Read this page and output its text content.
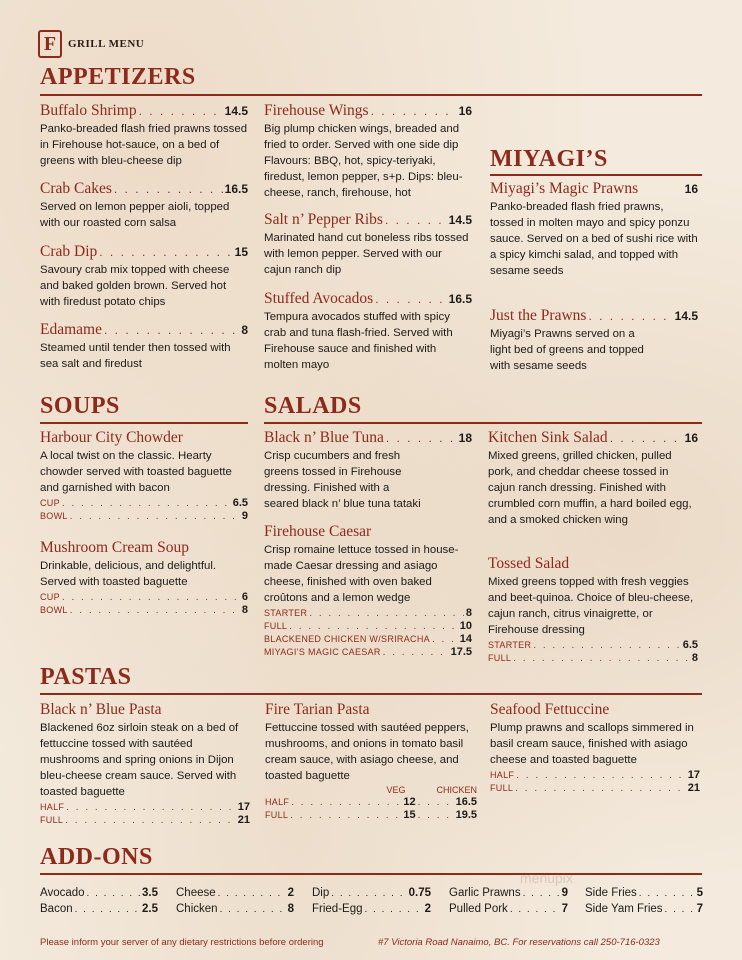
F GRILL MENU
APPETIZERS
Buffalo Shrimp . . .	14.5
Panko-breaded flash fried prawns tossed in Firehouse hot-sauce, on a bed of greens with bleu-cheese dip
Crab Cakes . . .	16.5
Served on lemon pepper aioli, topped with our roasted corn salsa
Crab Dip . . .	15
Savoury crab mix topped with cheese and baked golden brown. Served hot with firedust potato chips
Edamame . . .	8
Steamed until tender then tossed with sea salt and firedust
Firehouse Wings . . .	16
Big plump chicken wings, breaded and fried to order. Served with one side dip Flavours: BBQ, hot, spicy-teriyaki, firedust, lemon pepper, s+p. Dips: bleu-cheese, ranch, firehouse, hot
Salt n’ Pepper Ribs . . .	14.5
Marinated hand cut boneless ribs tossed with lemon pepper. Served with our cajun ranch dip
Stuffed Avocados . . .	16.5
Tempura avocados stuffed with spicy crab and tuna flash-fried. Served with Firehouse sauce and finished with molten mayo
MIYAGI’S
Miyagi’s Magic Prawns	16
Panko-breaded flash fried prawns, tossed in molten mayo and spicy ponzu sauce. Served on a bed of sushi rice with a spicy kimchi salad, and topped with sesame seeds
Just the Prawns . . .	14.5
Miyagi’s Prawns served on a light bed of greens and topped with sesame seeds
SOUPS
Harbour City Chowder
A local twist on the classic. Hearty chowder served with toasted baguette and garnished with bacon
CUP . . .	6.5
BOWL . . .	9
Mushroom Cream Soup
Drinkable, delicious, and delightful. Served with toasted baguette
CUP . . .	6
BOWL . . .	8
SALADS
Black n’ Blue Tuna . . .	18
Crisp cucumbers and fresh greens tossed in Firehouse dressing. Finished with a seared black n’ blue tuna tataki
Firehouse Caesar
Crisp romaine lettuce tossed in house-made Caesar dressing and asiago cheese, finished with oven baked croûtons and a lemon wedge
STARTER . . .	8
FULL . . .	10
BLACKENED CHICKEN W/SRIRACHA . . .	14
MIYAGI’S MAGIC CAESAR . . .	17.5
Kitchen Sink Salad . . .	16
Mixed greens, grilled chicken, pulled pork, and cheddar cheese tossed in cajun ranch dressing. Finished with crumbled corn muffin, a hard boiled egg, and a smoked chicken wing
Tossed Salad
Mixed greens topped with fresh veggies and beet-quinoa. Choice of bleu-cheese, cajun ranch, citrus vinaigrette, or Firehouse dressing
STARTER . . .	6.5
FULL . . .	8
PASTAS
Black n’ Blue Pasta
Blackened 6oz sirloin steak on a bed of fettuccine tossed with sautéed mushrooms and spring onions in Dijon bleu-cheese cream sauce. Served with toasted baguette
HALF . . .	17
FULL . . .	21
Fire Tarian Pasta
Fettuccine tossed with sautéed peppers, mushrooms, and onions in tomato basil cream sauce, with asiago cheese, and toasted baguette
VEG	CHICKEN
HALF . . .	12 . . .	16.5
FULL . . .	15 . . .	19.5
Seafood Fettuccine
Plump prawns and scallops simmered in basil cream sauce, finished with asiago cheese and toasted baguette
HALF . . .	17
FULL . . .	21
ADD-ONS
Avocado . . .	3.5
Bacon . . .	2.5
Cheese . . .	2
Chicken . . .	8
Dip . . .	0.75
Fried-Egg . . .	2
Garlic Prawns . . .	9
Pulled Pork . . .	7
Side Fries . . .	5
Side Yam Fries . . .	7
menupix
Please inform your server of any dietary restrictions before ordering	#7 Victoria Road Nanaimo, BC. For reservations call 250-716-0323
